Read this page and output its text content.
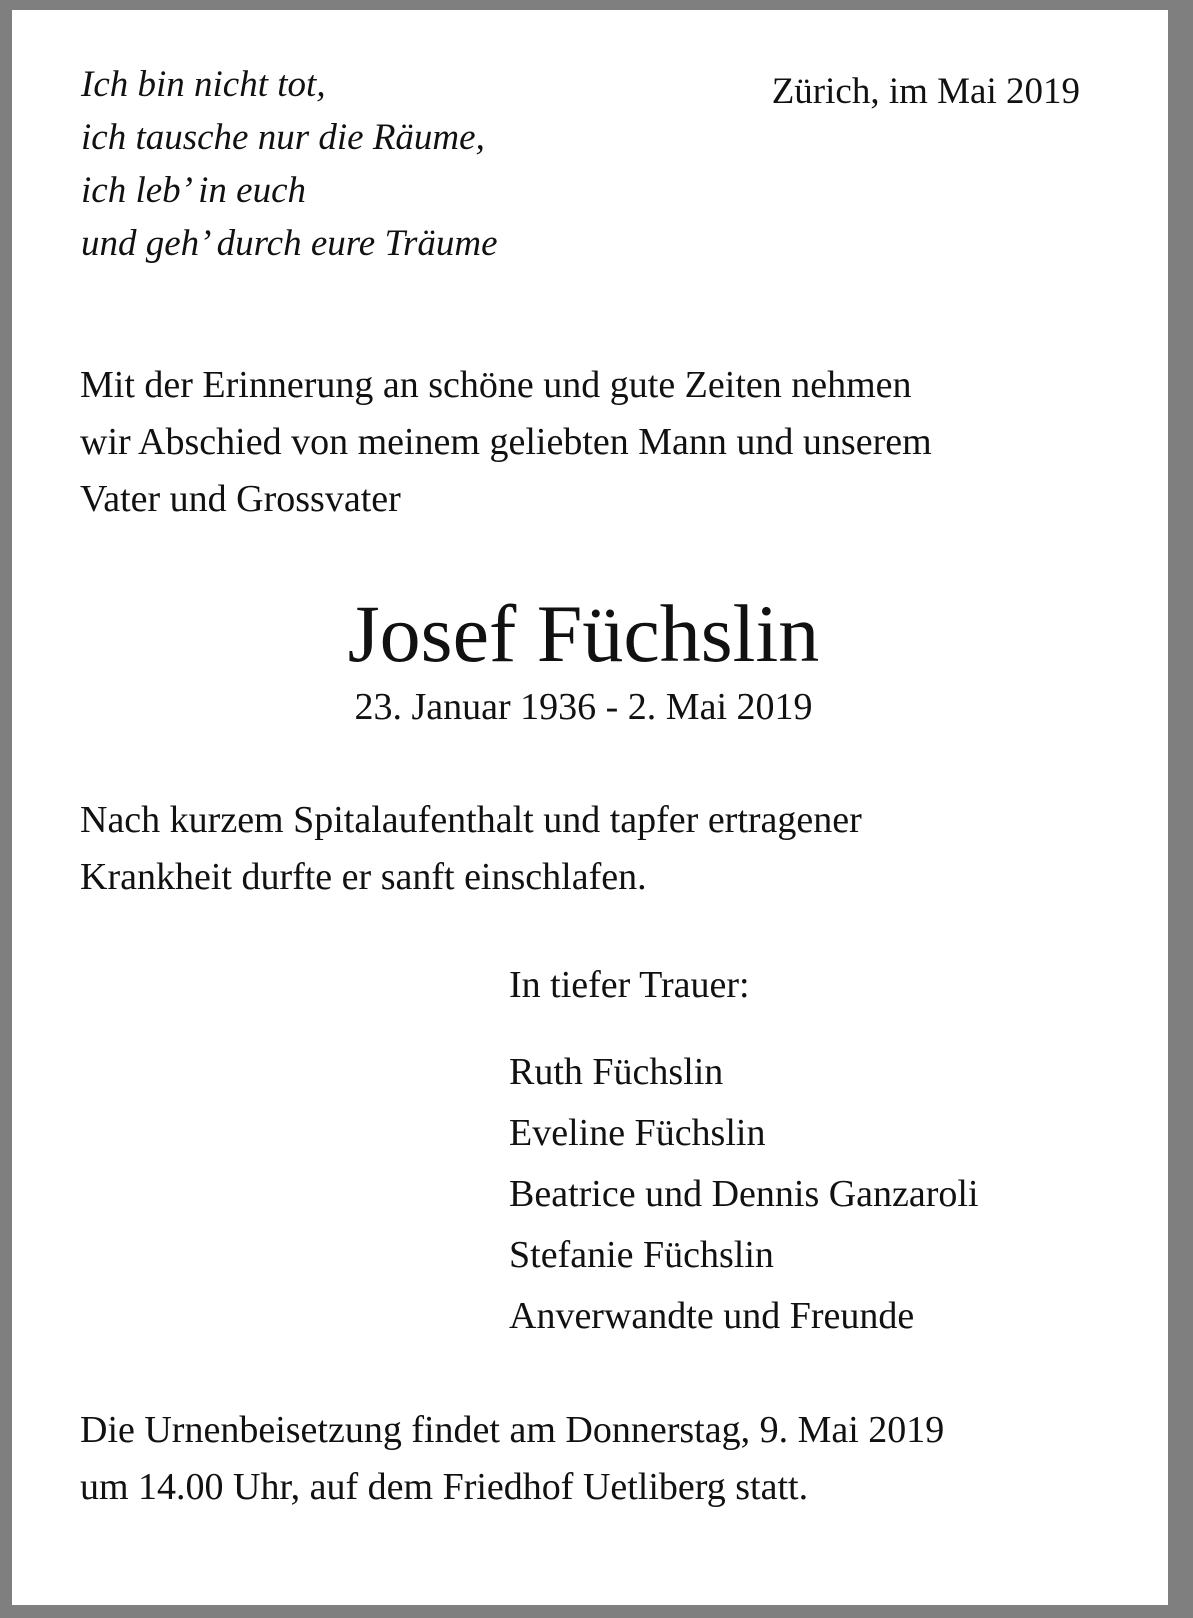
Ich bin nicht tot,
ich tausche nur die Räume,
ich leb’ in euch
und geh’ durch eure Träume
Zürich, im Mai 2019
Mit der Erinnerung an schöne und gute Zeiten nehmen
wir Abschied von meinem geliebten Mann und unserem
Vater und Grossvater
Josef Füchslin
23. Januar 1936 - 2. Mai 2019
Nach kurzem Spitalaufenthalt und tapfer ertragener
Krankheit durfte er sanft einschlafen.
In tiefer Trauer:
Ruth Füchslin
Eveline Füchslin
Beatrice und Dennis Ganzaroli
Stefanie Füchslin
Anverwandte und Freunde
Die Urnenbeisetzung findet am Donnerstag, 9. Mai 2019
um 14.00 Uhr, auf dem Friedhof Uetliberg statt.
